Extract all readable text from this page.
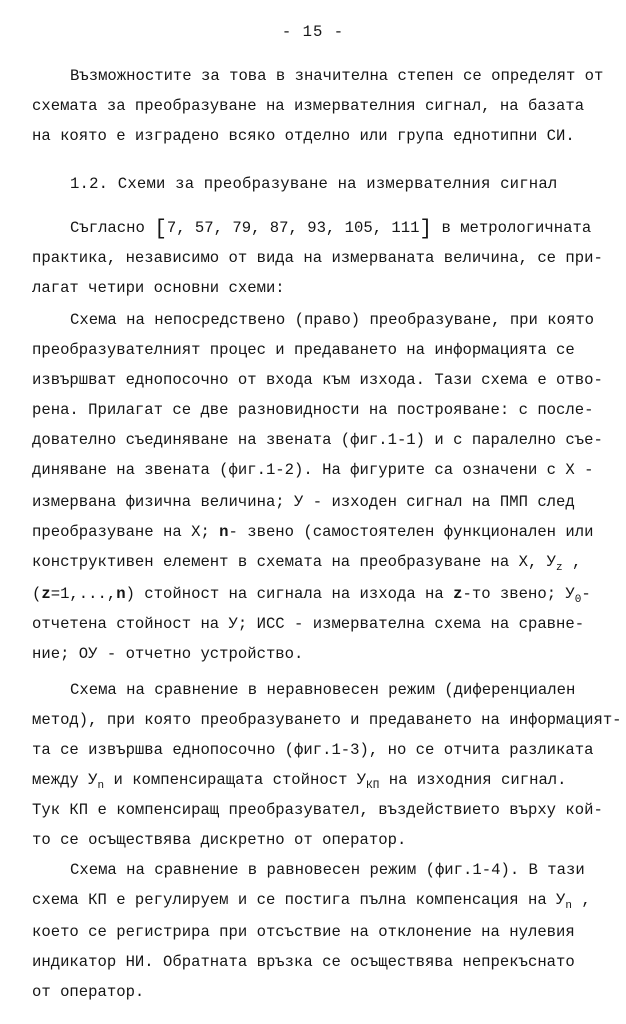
- 15 -
Възможностите за това в значителна степен се определят от
схемата за преобразуване на измервателния сигнал, на базата
на която е изградено всяко отделно или група еднотипни СИ.
1.2. Схеми за преобразуване на измервателния сигнал
Съгласно [7, 57, 79, 87, 93, 105, 111] в метрологичната
практика, независимо от вида на измерваната величина, се при-
лагат четири основни схеми:
Схема на непосредствено (право) преобразуване, при която
преобразувателният процес и предаването на информацията се
извършват еднопосочно от входа към изхода. Тази схема е отво-
рена. Прилагат се две разновидности на построяване: с после-
дователно съединяване на звената (фиг.1-1) и с паралелно съе-
диняване на звената (фиг.1-2). На фигурите са означени с Х -
измервана физична величина; У - изходен сигнал на ПМП след
преобразуване на Х; n- звено (самостоятелен функционален или
конструктивен елемент в схемата на преобразуване на Х, $У_z$ ,
(z=1,...,n) стойност на сигнала на изхода на z-то звено; $У_0-$
отчетена стойност на У; ИСС - измервателна схема на сравне-
ние; ОУ - отчетно устройство.
Схема на сравнение в неравновесен режим (диференциален
метод), при която преобразуването и предаването на информацият-
та се извършва еднопосочно (фиг.1-3), но се отчита разликата
между $У_n$ и компенсиращата стойност $У_{КП}$ на изходния сигнал.
Тук КП е компенсиращ преобразувател, въздействието върху кой-
то се осъществява дискретно от оператор.
Схема на сравнение в равновесен режим (фиг.1-4). В тази
схема КП е регулируем и се постига пълна компенсация на $У_n$ ,
което се регистрира при отсъствие на отклонение на нулевия
индикатор НИ. Обратната връзка се осъществява непрекъснато
от оператор.
